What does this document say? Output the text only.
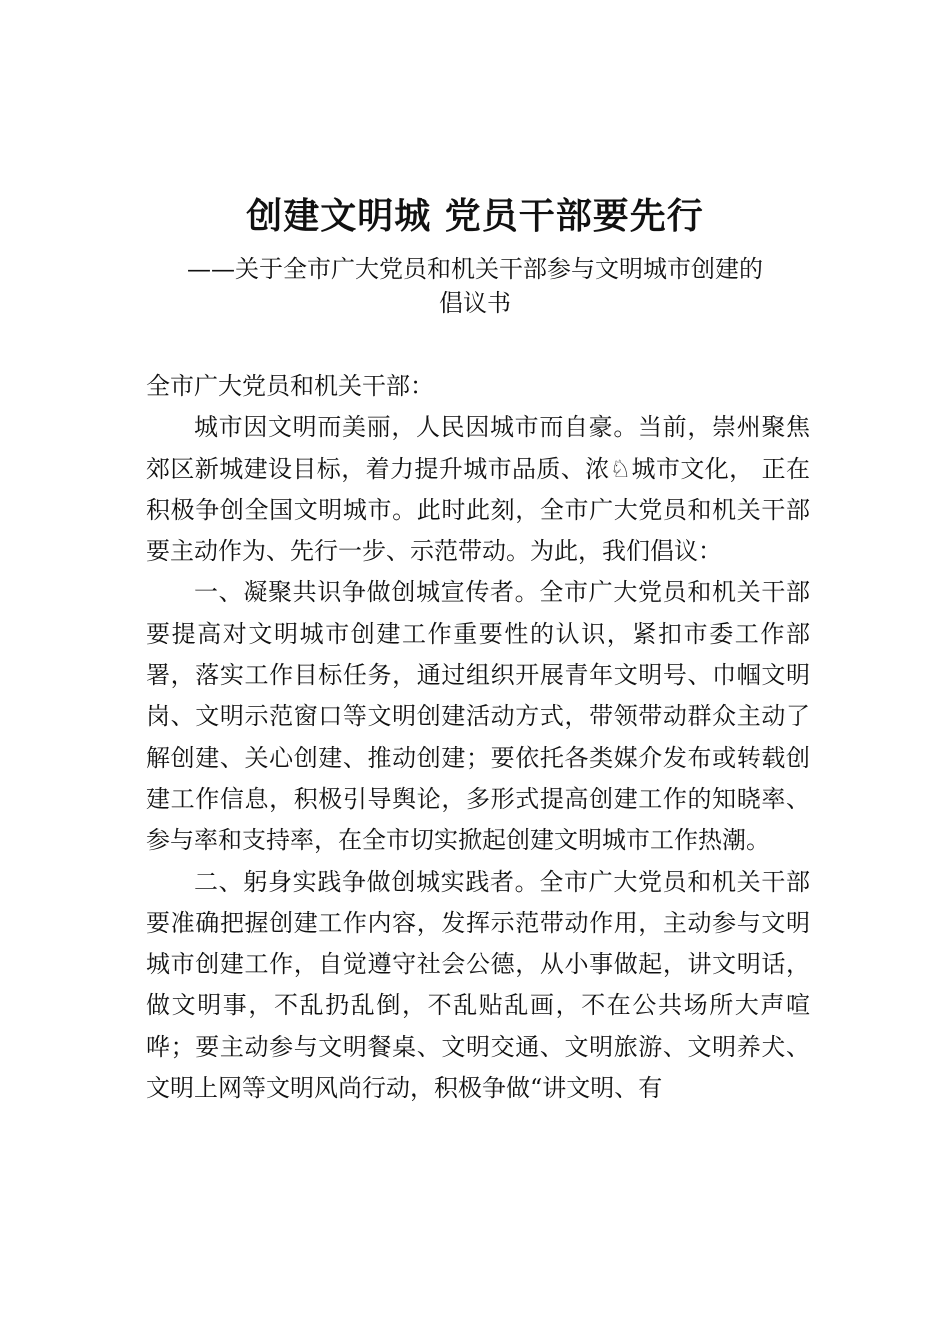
创建文明城 党员干部要先行
——关于全市广大党员和机关干部参与文明城市创建的
倡议书

全市广大党员和机关干部：

城市因文明而美丽，人民因城市而自豪。当前，崇州聚焦郊区新城建设目标，着力提升城市品质、浓♘城市文化， 正在积极争创全国文明城市。此时此刻，全市广大党员和机关干部要主动作为、先行一步、示范带动。为此，我们倡议：

一、凝聚共识争做创城宣传者。全市广大党员和机关干部要提高对文明城市创建工作重要性的认识，紧扣市委工作部署，落实工作目标任务，通过组织开展青年文明号、巾帼文明岗、文明示范窗口等文明创建活动方式，带领带动群众主动了解创建、关心创建、推动创建；要依托各类媒介发布或转载创建工作信息，积极引导舆论，多形式提高创建工作的知晓率、参与率和支持率，在全市切实掀起创建文明城市工作热潮。

二、躬身实践争做创城实践者。全市广大党员和机关干部要准确把握创建工作内容，发挥示范带动作用，主动参与文明城市创建工作，自觉遵守社会公德，从小事做起，讲文明话，做文明事，不乱扔乱倒，不乱贴乱画，不在公共场所大声喧哗；要主动参与文明餐桌、文明交通、文明旅游、文明养犬、文明上网等文明风尚行动，积极争做“讲文明、有
